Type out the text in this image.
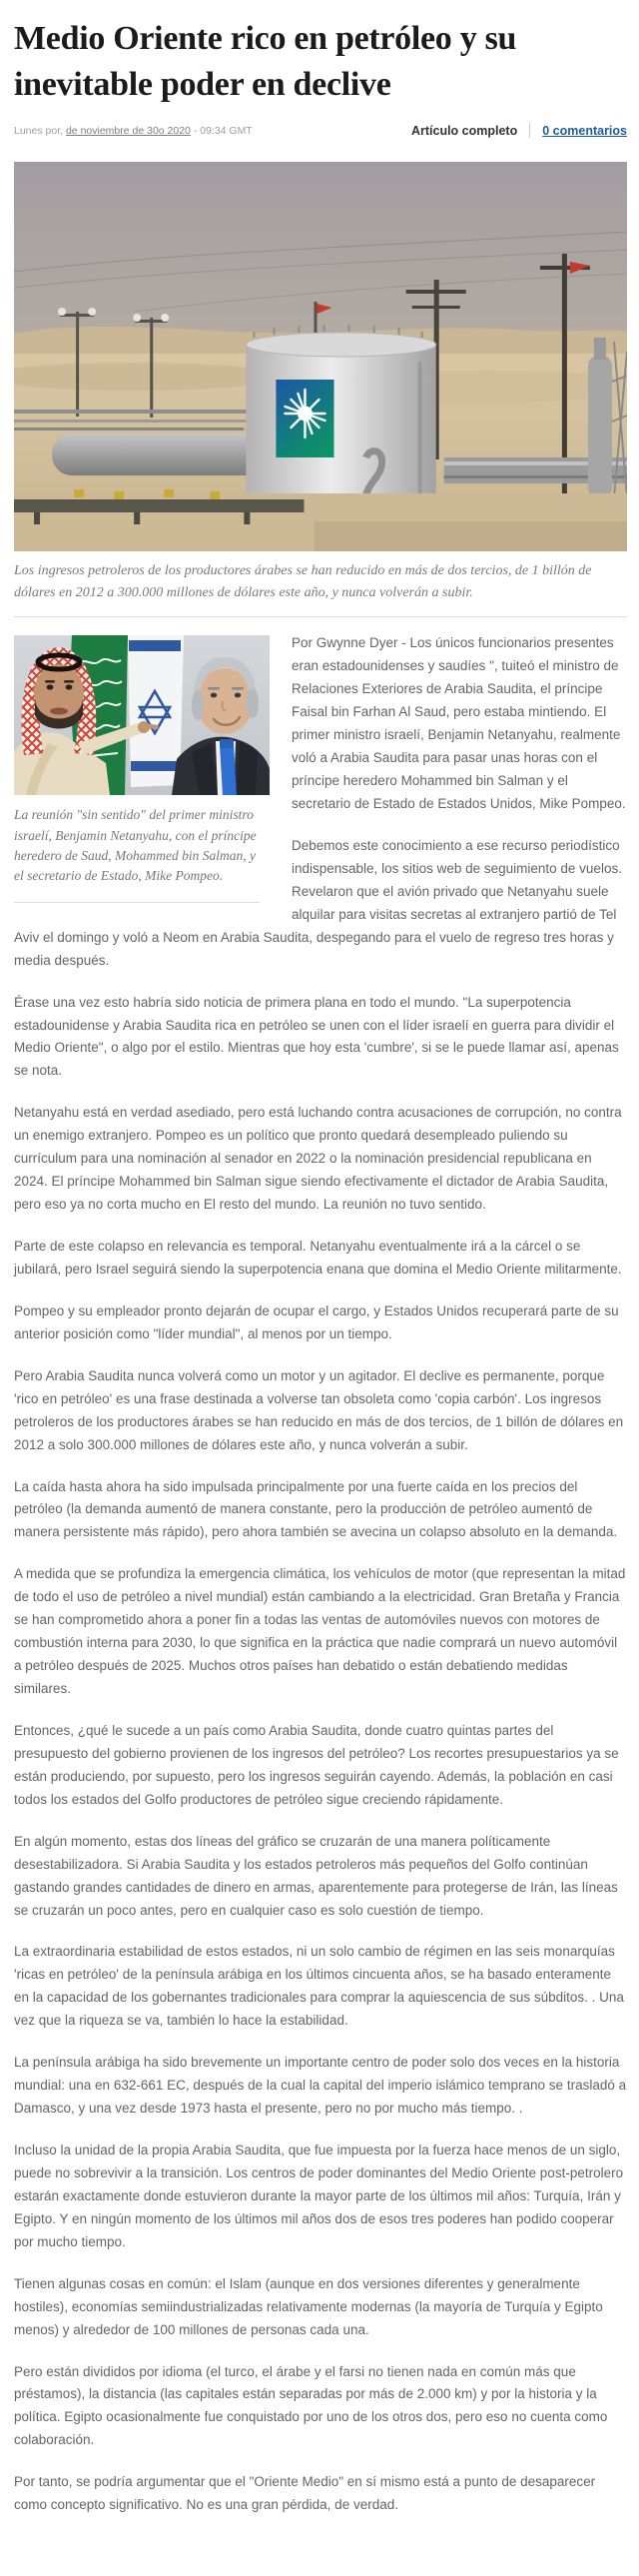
Medio Oriente rico en petróleo y su inevitable poder en declive
Lunes por, de noviembre de 30o 2020 - 09:34 GMT	Artículo completo 0 comentarios
Los ingresos petroleros de los productores árabes se han reducido en más de dos tercios, de 1 billón de dólares en 2012 a 300.000 millones de dólares este año, y nunca volverán a subir.
La reunión "sin sentido" del primer ministro israelí, Benjamin Netanyahu, con el príncipe heredero de Saud, Mohammed bin Salman, y el secretario de Estado, Mike Pompeo.

Por Gwynne Dyer - Los únicos funcionarios presentes eran estadounidenses y saudíes ", tuiteó el ministro de Relaciones Exteriores de Arabia Saudita, el príncipe Faisal bin Farhan Al Saud, pero estaba mintiendo. El primer ministro israelí, Benjamin Netanyahu, realmente voló a Arabia Saudita para pasar unas horas con el príncipe heredero Mohammed bin Salman y el secretario de Estado de Estados Unidos, Mike Pompeo.

Debemos este conocimiento a ese recurso periodístico indispensable, los sitios web de seguimiento de vuelos. Revelaron que el avión privado que Netanyahu suele alquilar para visitas secretas al extranjero partió de Tel Aviv el domingo y voló a Neom en Arabia Saudita, despegando para el vuelo de regreso tres horas y media después.

Érase una vez esto habría sido noticia de primera plana en todo el mundo. "La superpotencia estadounidense y Arabia Saudita rica en petróleo se unen con el líder israelí en guerra para dividir el Medio Oriente", o algo por el estilo. Mientras que hoy esta 'cumbre', si se le puede llamar así, apenas se nota.

Netanyahu está en verdad asediado, pero está luchando contra acusaciones de corrupción, no contra un enemigo extranjero. Pompeo es un político que pronto quedará desempleado puliendo su currículum para una nominación al senador en 2022 o la nominación presidencial republicana en 2024. El príncipe Mohammed bin Salman sigue siendo efectivamente el dictador de Arabia Saudita, pero eso ya no corta mucho en El resto del mundo. La reunión no tuvo sentido.

Parte de este colapso en relevancia es temporal. Netanyahu eventualmente irá a la cárcel o se jubilará, pero Israel seguirá siendo la superpotencia enana que domina el Medio Oriente militarmente.

Pompeo y su empleador pronto dejarán de ocupar el cargo, y Estados Unidos recuperará parte de su anterior posición como "líder mundial", al menos por un tiempo.

Pero Arabia Saudita nunca volverá como un motor y un agitador. El declive es permanente, porque 'rico en petróleo' es una frase destinada a volverse tan obsoleta como 'copia carbón'. Los ingresos petroleros de los productores árabes se han reducido en más de dos tercios, de 1 billón de dólares en 2012 a solo 300.000 millones de dólares este año, y nunca volverán a subir.

La caída hasta ahora ha sido impulsada principalmente por una fuerte caída en los precios del petróleo (la demanda aumentó de manera constante, pero la producción de petróleo aumentó de manera persistente más rápido), pero ahora también se avecina un colapso absoluto en la demanda.

A medida que se profundiza la emergencia climática, los vehículos de motor (que representan la mitad de todo el uso de petróleo a nivel mundial) están cambiando a la electricidad. Gran Bretaña y Francia se han comprometido ahora a poner fin a todas las ventas de automóviles nuevos con motores de combustión interna para 2030, lo que significa en la práctica que nadie comprará un nuevo automóvil a petróleo después de 2025. Muchos otros países han debatido o están debatiendo medidas similares.

Entonces, ¿qué le sucede a un país como Arabia Saudita, donde cuatro quintas partes del presupuesto del gobierno provienen de los ingresos del petróleo? Los recortes presupuestarios ya se están produciendo, por supuesto, pero los ingresos seguirán cayendo. Además, la población en casi todos los estados del Golfo productores de petróleo sigue creciendo rápidamente.

En algún momento, estas dos líneas del gráfico se cruzarán de una manera políticamente desestabilizadora. Si Arabia Saudita y los estados petroleros más pequeños del Golfo continúan gastando grandes cantidades de dinero en armas, aparentemente para protegerse de Irán, las líneas se cruzarán un poco antes, pero en cualquier caso es solo cuestión de tiempo.

La extraordinaria estabilidad de estos estados, ni un solo cambio de régimen en las seis monarquías 'ricas en petróleo' de la península arábiga en los últimos cincuenta años, se ha basado enteramente en la capacidad de los gobernantes tradicionales para comprar la aquiescencia de sus súbditos. . Una vez que la riqueza se va, también lo hace la estabilidad.

La península arábiga ha sido brevemente un importante centro de poder solo dos veces en la historia mundial: una en 632-661 EC, después de la cual la capital del imperio islámico temprano se trasladó a Damasco, y una vez desde 1973 hasta el presente, pero no por mucho más tiempo. .

Incluso la unidad de la propia Arabia Saudita, que fue impuesta por la fuerza hace menos de un siglo, puede no sobrevivir a la transición. Los centros de poder dominantes del Medio Oriente post-petrolero estarán exactamente donde estuvieron durante la mayor parte de los últimos mil años: Turquía, Irán y Egipto. Y en ningún momento de los últimos mil años dos de esos tres poderes han podido cooperar por mucho tiempo.

Tienen algunas cosas en común: el Islam (aunque en dos versiones diferentes y generalmente hostiles), economías semiindustrializadas relativamente modernas (la mayoría de Turquía y Egipto menos) y alrededor de 100 millones de personas cada una.

Pero están divididos por idioma (el turco, el árabe y el farsi no tienen nada en común más que préstamos), la distancia (las capitales están separadas por más de 2.000 km) y por la historia y la política. Egipto ocasionalmente fue conquistado por uno de los otros dos, pero eso no cuenta como colaboración.

Por tanto, se podría argumentar que el "Oriente Medio" en sí mismo está a punto de desaparecer como concepto significativo. No es una gran pérdida, de verdad.
